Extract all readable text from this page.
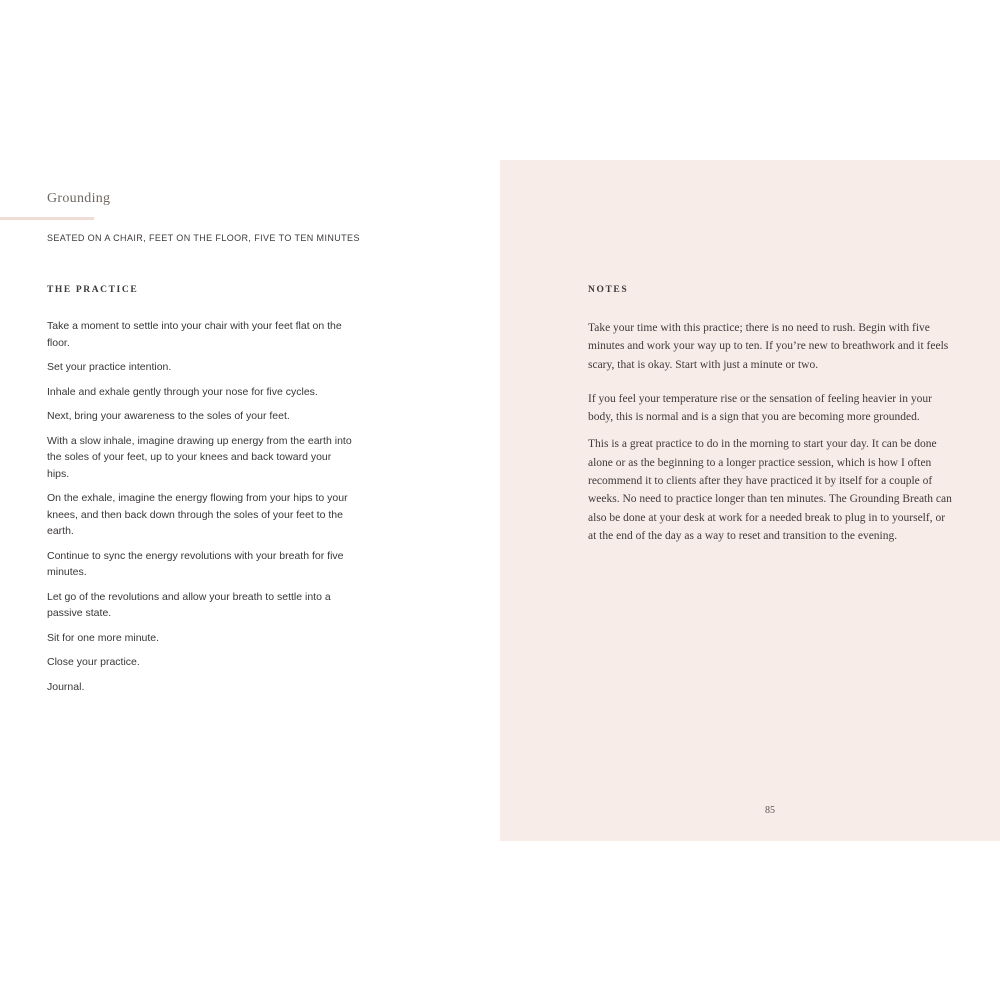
Grounding
SEATED ON A CHAIR, FEET ON THE FLOOR, FIVE TO TEN MINUTES
THE PRACTICE
Take a moment to settle into your chair with your feet flat on the floor.
Set your practice intention.
Inhale and exhale gently through your nose for five cycles.
Next, bring your awareness to the soles of your feet.
With a slow inhale, imagine drawing up energy from the earth into the soles of your feet, up to your knees and back toward your hips.
On the exhale, imagine the energy flowing from your hips to your knees, and then back down through the soles of your feet to the earth.
Continue to sync the energy revolutions with your breath for five minutes.
Let go of the revolutions and allow your breath to settle into a passive state.
Sit for one more minute.
Close your practice.
Journal.
NOTES

Take your time with this practice; there is no need to rush. Begin with five minutes and work your way up to ten. If you’re new to breathwork and it feels scary, that is okay. Start with just a minute or two.

If you feel your temperature rise or the sensation of feeling heavier in your body, this is normal and is a sign that you are becoming more grounded.

This is a great practice to do in the morning to start your day. It can be done alone or as the beginning to a longer practice session, which is how I often recommend it to clients after they have practiced it by itself for a couple of weeks. No need to practice longer than ten minutes. The Grounding Breath can also be done at your desk at work for a needed break to plug in to yourself, or at the end of the day as a way to reset and transition to the evening.

85
